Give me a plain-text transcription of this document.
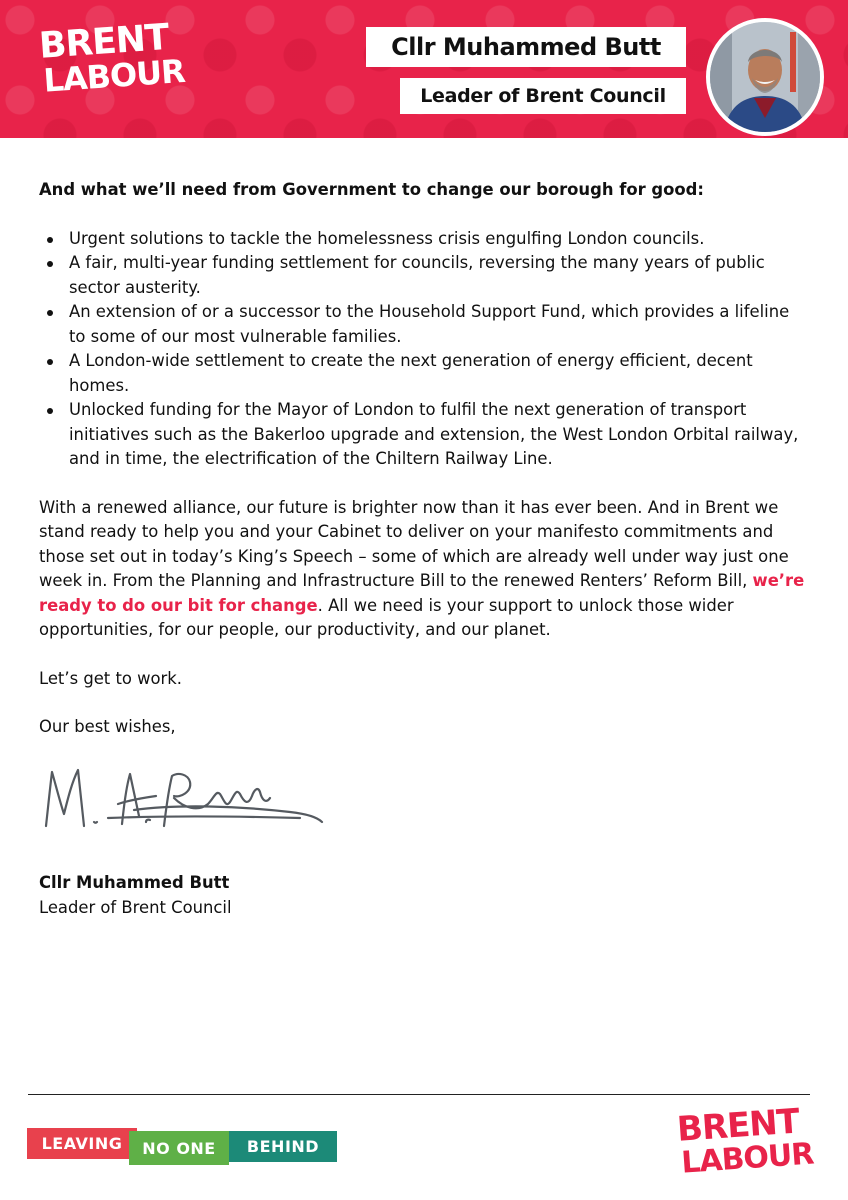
BRENT
LABOUR
Cllr Muhammed Butt
Leader of Brent Council

And what we’ll need from Government to change our borough for good:

Urgent solutions to tackle the homelessness crisis engulfing London councils.
A fair, multi-year funding settlement for councils, reversing the many years of public sector austerity.
An extension of or a successor to the Household Support Fund, which provides a lifeline to some of our most vulnerable families.
A London-wide settlement to create the next generation of energy efficient, decent homes.
Unlocked funding for the Mayor of London to fulfil the next generation of transport initiatives such as the Bakerloo upgrade and extension, the West London Orbital railway, and in time, the electrification of the Chiltern Railway Line.

With a renewed alliance, our future is brighter now than it has ever been. And in Brent we stand ready to help you and your Cabinet to deliver on your manifesto commitments and those set out in today’s King’s Speech – some of which are already well under way just one week in. From the Planning and Infrastructure Bill to the renewed Renters’ Reform Bill, we’re ready to do our bit for change. All we need is your support to unlock those wider opportunities, for our people, our productivity, and our planet.

Let’s get to work.

Our best wishes,

Cllr Muhammed Butt
Leader of Brent Council
LEAVING	NO ONE	BEHIND	BRENT
LABOUR
